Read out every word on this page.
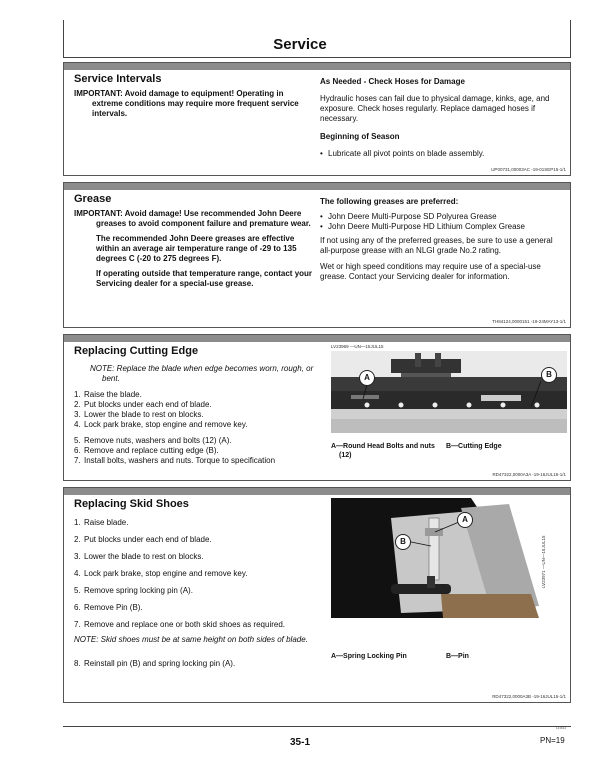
Service
Service Intervals
IMPORTANT: Avoid damage to equipment! Operating in extreme conditions may require more frequent service intervals.
As Needed - Check Hoses for Damage
Hydraulic hoses can fail due to physical damage, kinks, age, and exposure. Check hoses regularly. Replace damaged hoses if necessary.
Beginning of Season
• Lubricate all pivot points on blade assembly.
UP00731,00003AC -19-01SEP15-1/1
Grease
IMPORTANT: Avoid damage! Use recommended John Deere greases to avoid component failure and premature wear.
The recommended John Deere greases are effective within an average air temperature range of -29 to 135 degrees C (-20 to 275 degrees F).
If operating outside that temperature range, contact your Servicing dealer for a special-use grease.
The following greases are preferred:
• John Deere Multi-Purpose SD Polyurea Grease
• John Deere Multi-Purpose HD Lithium Complex Grease
If not using any of the preferred greases, be sure to use a general all-purpose grease with an NLGI grade No.2 rating.
Wet or high speed conditions may require use of a special-use grease. Contact your Servicing dealer for information.
TH84124,0000151 -19-24MAY13-1/1
Replacing Cutting Edge
NOTE: Replace the blade when edge becomes worn, rough, or bent.
1. Raise the blade.
2. Put blocks under each end of blade.
3. Lower the blade to rest on blocks.
4. Lock park brake, stop engine and remove key.
5. Remove nuts, washers and bolts (12) (A).
6. Remove and replace cutting edge (B).
7. Install bolts, washers and nuts. Torque to specification
LV23969 —UN—15JUL15
A	B
A—Round Head Bolts and nuts (12)
B—Cutting Edge
RD47322,0000A3A -19-16JUL15-1/1
Replacing Skid Shoes
1. Raise blade.
2. Put blocks under each end of blade.
3. Lower the blade to rest on blocks.
4. Lock park brake, stop engine and remove key.
5. Remove spring locking pin (A).
6. Remove Pin (B).
7. Remove and replace one or both skid shoes as required.
NOTE: Skid shoes must be at same height on both sides of blade.
8. Reinstall pin (B) and spring locking pin (A).
A
B	LV23971 —UN—15JUL15
A—Spring Locking Pin	B—Pin
RD47322,0000A3B -19-16JUL15-1/1
35-1
121614
PN=19
